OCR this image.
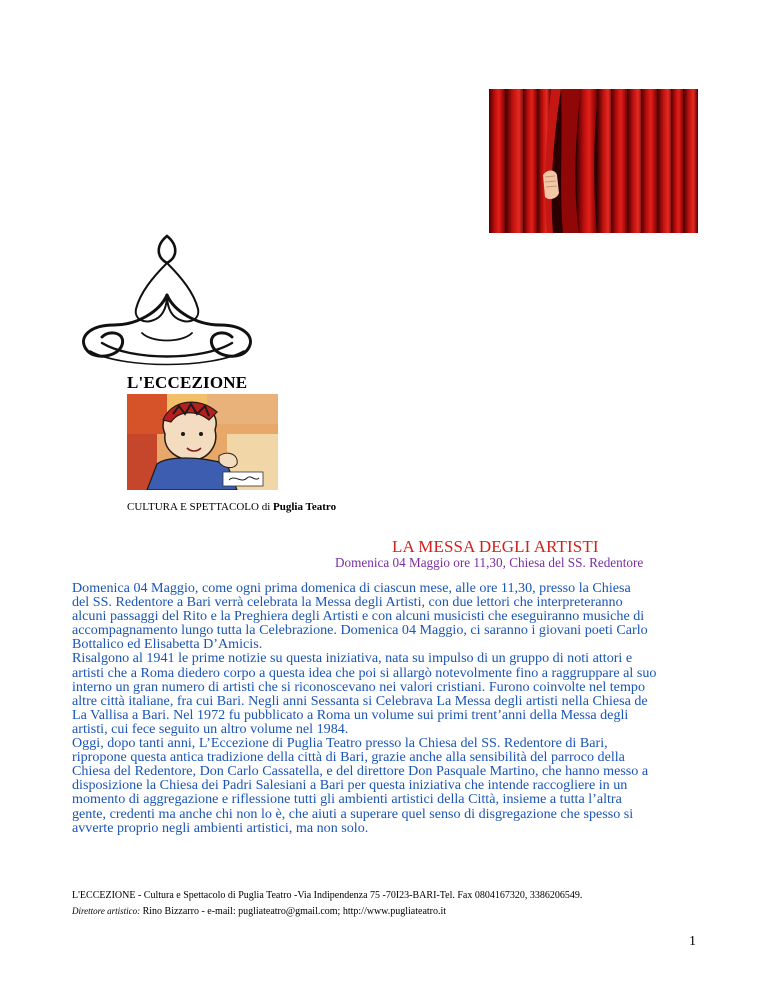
L'ECCEZIONE
CULTURA E SPETTACOLO di Puglia Teatro
LA MESSA DEGLI ARTISTI
Domenica 04 Maggio ore 11,30, Chiesa del SS. Redentore
Domenica 04 Maggio, come ogni prima domenica di ciascun mese, alle ore 11,30, presso la Chiesa
del SS. Redentore a Bari verrà celebrata la Messa degli Artisti, con due lettori che interpreteranno
alcuni passaggi del Rito e la Preghiera degli Artisti e con alcuni musicisti che eseguiranno musiche di
accompagnamento lungo tutta la Celebrazione. Domenica 04 Maggio, ci saranno i giovani poeti Carlo
Bottalico ed Elisabetta D’Amicis.
Risalgono al 1941 le prime notizie su questa iniziativa, nata su impulso di un gruppo di noti attori e
artisti che a Roma diedero corpo a questa idea che poi si allargò notevolmente fino a raggruppare al suo
interno un gran numero di artisti che si riconoscevano nei valori cristiani. Furono coinvolte nel tempo
altre città italiane, fra cui Bari. Negli anni Sessanta si Celebrava La Messa degli artisti nella Chiesa de
La Vallisa a Bari. Nel 1972 fu pubblicato a Roma un volume sui primi trent’anni della Messa degli
artisti, cui fece seguito un altro volume nel 1984.
Oggi, dopo tanti anni, L’Eccezione di Puglia Teatro presso la Chiesa del SS. Redentore di Bari,
ripropone questa antica tradizione della città di Bari, grazie anche alla sensibilità del parroco della
Chiesa del Redentore, Don Carlo Cassatella, e del direttore Don Pasquale Martino, che hanno messo a
disposizione la Chiesa dei Padri Salesiani a Bari per questa iniziativa che intende raccogliere in un
momento di aggregazione e riflessione tutti gli ambienti artistici della Città, insieme a tutta l’altra
gente, credenti ma anche chi non lo è, che aiuti a superare quel senso di disgregazione che spesso si
avverte proprio negli ambienti artistici, ma non solo.
L'ECCEZIONE - Cultura e Spettacolo di Puglia Teatro -Via Indipendenza 75 -70I23-BARI-Tel. Fax 0804167320, 3386206549.
Direttore artistico: Rino Bizzarro - e-mail: pugliateatro@gmail.com; http://www.pugliateatro.it
1
